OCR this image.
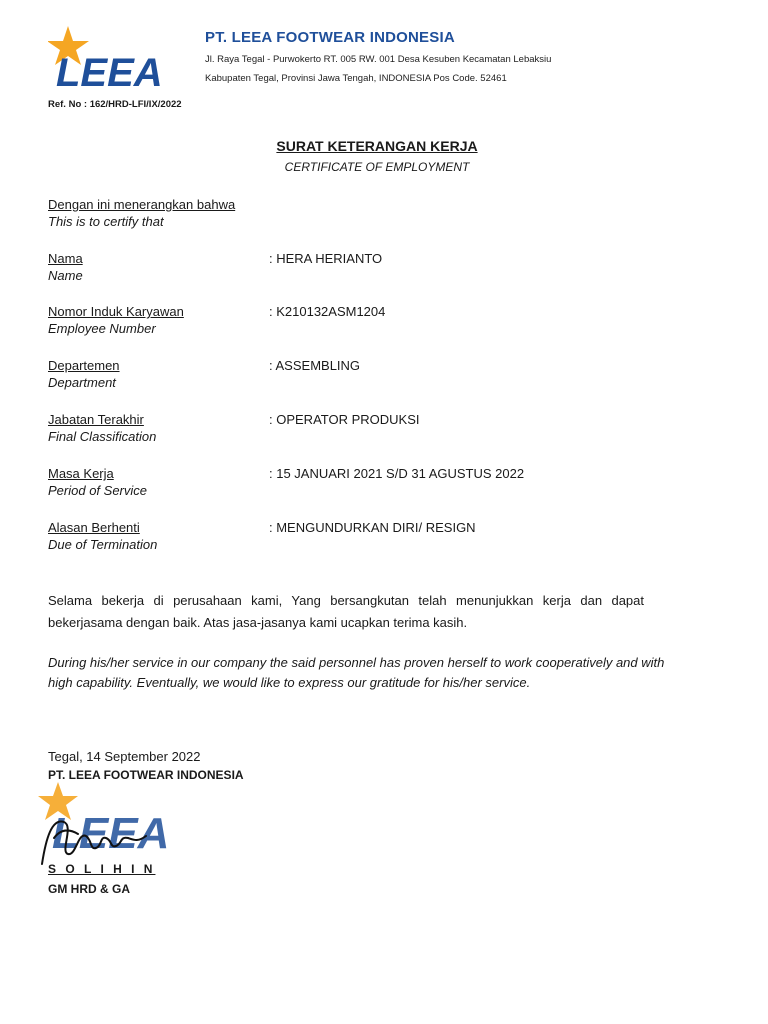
LEEA
PT. LEEA FOOTWEAR INDONESIA
Jl. Raya Tegal - Purwokerto RT. 005 RW. 001 Desa Kesuben Kecamatan Lebaksiu
Kabupaten Tegal, Provinsi Jawa Tengah, INDONESIA Pos Code. 52461
Ref. No : 162/HRD-LFI/IX/2022
SURAT KETERANGAN KERJA
CERTIFICATE OF EMPLOYMENT
Dengan ini menerangkan bahwa
This is to certify that
Nama
Name
: HERA HERIANTO
Nomor Induk Karyawan
Employee Number
: K210132ASM1204
Departemen
Department
: ASSEMBLING
Jabatan Terakhir
Final Classification
: OPERATOR PRODUKSI
Masa Kerja
Period of Service
: 15 JANUARI 2021 S/D 31 AGUSTUS 2022
Alasan Berhenti
Due of Termination
: MENGUNDURKAN DIRI/ RESIGN
Selama bekerja di perusahaan kami, Yang bersangkutan telah menunjukkan kerja dan dapat bekerjasama dengan baik. Atas jasa-jasanya kami ucapkan terima kasih.
During his/her service in our company the said personnel has proven herself to work cooperatively and with high capability. Eventually, we would like to express our gratitude for his/her service.
Tegal, 14 September 2022
PT. LEEA FOOTWEAR INDONESIA
LEEA
S O L I H I N
GM HRD & GA
